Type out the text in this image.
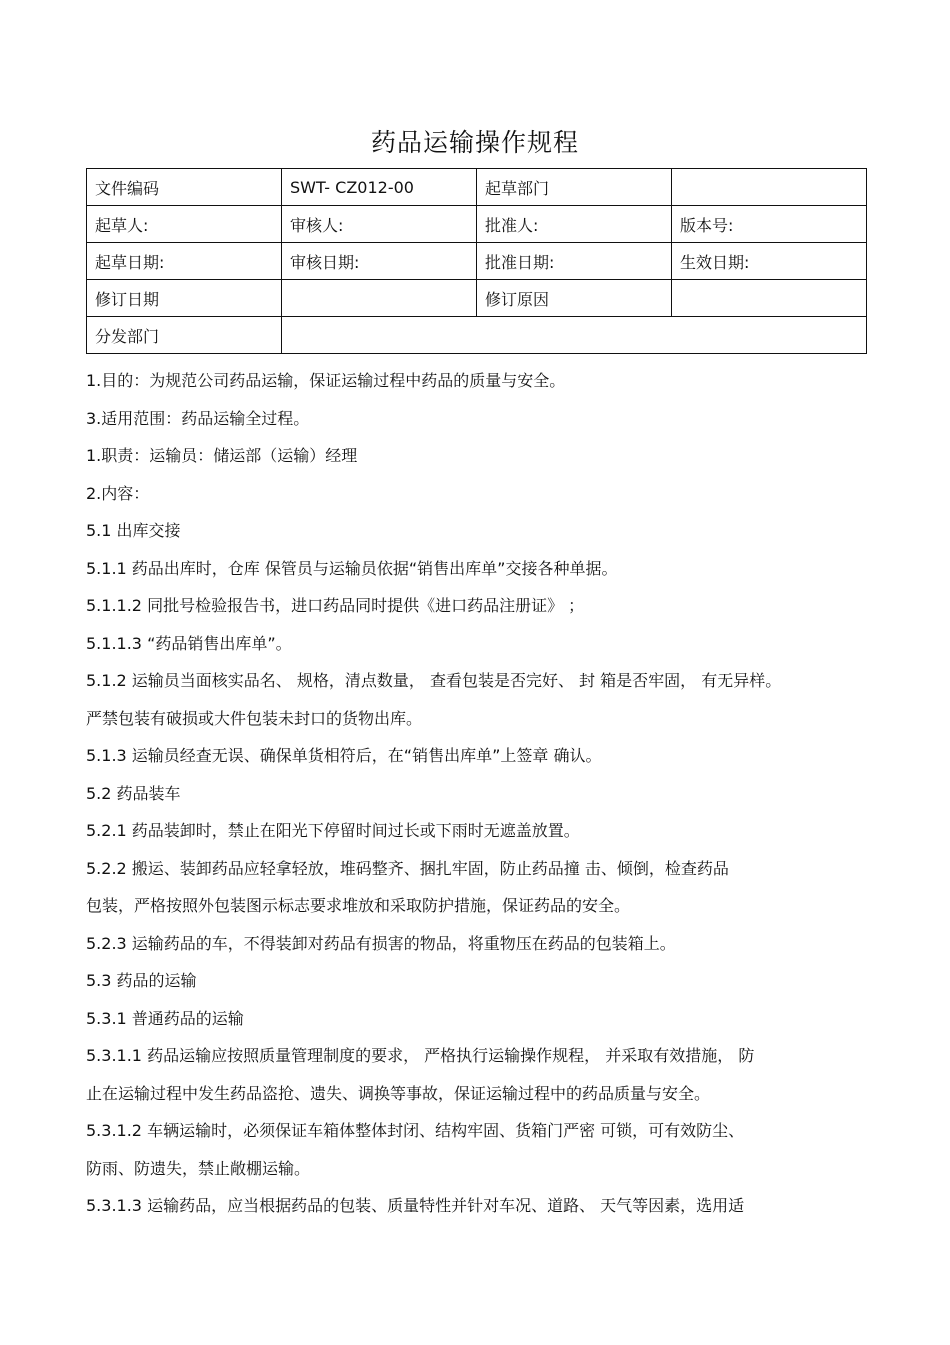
药品运输操作规程
文件编码	SWT- CZ012-00	起草部门	
起草人:	审核人:	批准人:	版本号:
起草日期:	审核日期:	批准日期:	生效日期:
修订日期		修订原因	
分发部门			

1.目的：为规范公司药品运输，保证运输过程中药品的质量与安全。

3.适用范围：药品运输全过程。

1.职责：运输员：储运部（运输）经理

2.内容：

5.1 出库交接

5.1.1 药品出库时，仓库 保管员与运输员依据“销售出库单”交接各种单据。

5.1.1.2 同批号检验报告书，进口药品同时提供《进口药品注册证》 ；

5.1.1.3 “药品销售出库单”。

5.1.2 运输员当面核实品名、 规格，清点数量， 查看包装是否完好、 封 箱是否牢固， 有无异样。

严禁包装有破损或大件包装未封口的货物出库。

5.1.3 运输员经查无误、确保单货相符后，在“销售出库单”上签章 确认。

5.2 药品装车

5.2.1 药品装卸时，禁止在阳光下停留时间过长或下雨时无遮盖放置。

5.2.2 搬运、装卸药品应轻拿轻放，堆码整齐、捆扎牢固，防止药品撞 击、倾倒，检查药品

包装，严格按照外包装图示标志要求堆放和采取防护措施，保证药品的安全。

5.2.3 运输药品的车，不得装卸对药品有损害的物品，将重物压在药品的包装箱上。

5.3 药品的运输

5.3.1 普通药品的运输

5.3.1.1 药品运输应按照质量管理制度的要求， 严格执行运输操作规程， 并采取有效措施， 防

止在运输过程中发生药品盗抢、遗失、调换等事故，保证运输过程中的药品质量与安全。

5.3.1.2 车辆运输时，必须保证车箱体整体封闭、结构牢固、货箱门严密 可锁，可有效防尘、

防雨、防遗失，禁止敞棚运输。

5.3.1.3 运输药品，应当根据药品的包装、质量特性并针对车况、道路、 天气等因素，选用适
